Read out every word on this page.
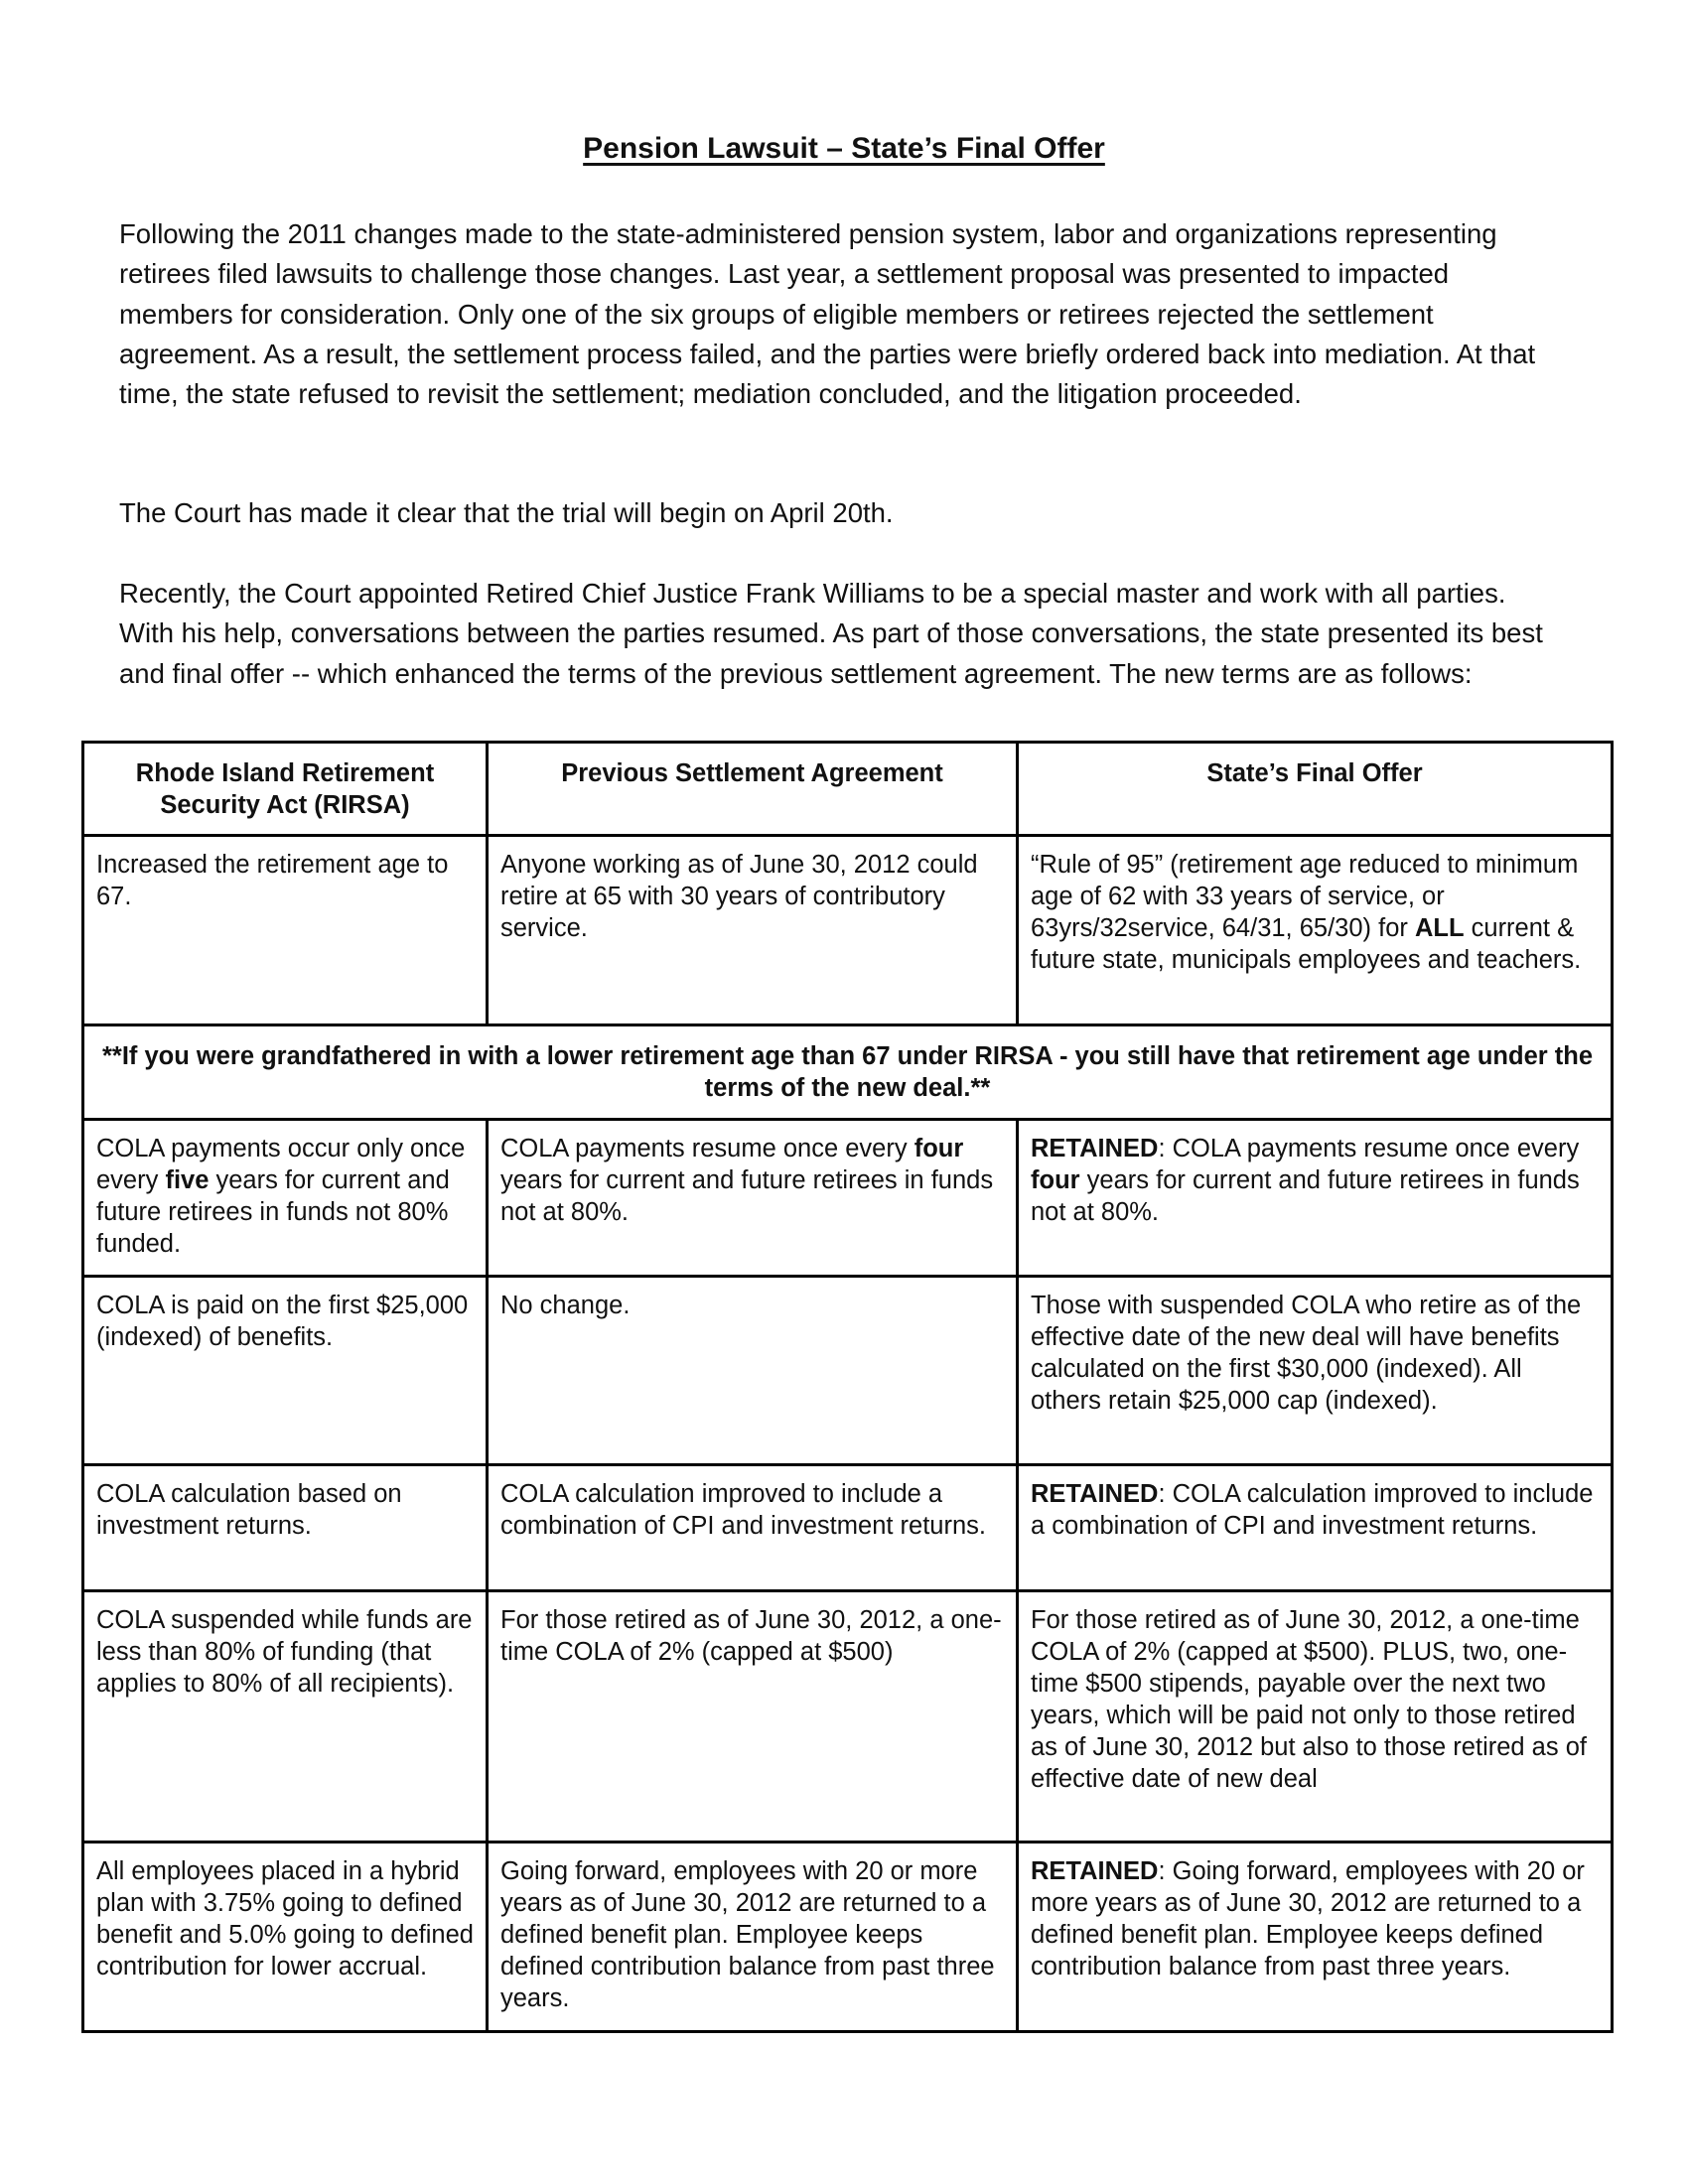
Pension Lawsuit – State’s Final Offer

Following the 2011 changes made to the state-administered pension system, labor and organizations representing retirees filed lawsuits to challenge those changes. Last year, a settlement proposal was presented to impacted members for consideration. Only one of the six groups of eligible members or retirees rejected the settlement agreement. As a result, the settlement process failed, and the parties were briefly ordered back into mediation. At that time, the state refused to revisit the settlement; mediation concluded, and the litigation proceeded.

The Court has made it clear that the trial will begin on April 20th.

Recently, the Court appointed Retired Chief Justice Frank Williams to be a special master and work with all parties. With his help, conversations between the parties resumed. As part of those conversations, the state presented its best and final offer -- which enhanced the terms of the previous settlement agreement. The new terms are as follows:

Rhode Island Retirement Security Act (RIRSA)	Previous Settlement Agreement	State’s Final Offer
Increased the retirement age to 67.	Anyone working as of June 30, 2012 could retire at 65 with 30 years of contributory service.	“Rule of 95” (retirement age reduced to minimum age of 62 with 33 years of service, or 63yrs/32service, 64/31, 65/30) for ALL current & future state, municipals employees and teachers.
**If you were grandfathered in with a lower retirement age than 67 under RIRSA - you still have that retirement age under the terms of the new deal.**		
COLA payments occur only once every five years for current and future retirees in funds not 80% funded.	COLA payments resume once every four years for current and future retirees in funds not at 80%.	RETAINED: COLA payments resume once every four years for current and future retirees in funds not at 80%.
COLA is paid on the first $25,000 (indexed) of benefits.	No change.	Those with suspended COLA who retire as of the effective date of the new deal will have benefits calculated on the first $30,000 (indexed). All others retain $25,000 cap (indexed).
COLA calculation based on investment returns.	COLA calculation improved to include a combination of CPI and investment returns.	RETAINED: COLA calculation improved to include a combination of CPI and investment returns.
COLA suspended while funds are less than 80% of funding (that applies to 80% of all recipients).	For those retired as of June 30, 2012, a one-time COLA of 2% (capped at $500)	For those retired as of June 30, 2012, a one-time COLA of 2% (capped at $500). PLUS, two, one-time $500 stipends, payable over the next two years, which will be paid not only to those retired as of June 30, 2012 but also to those retired as of effective date of new deal
All employees placed in a hybrid plan with 3.75% going to defined benefit and 5.0% going to defined contribution for lower accrual.	Going forward, employees with 20 or more years as of June 30, 2012 are returned to a defined benefit plan. Employee keeps defined contribution balance from past three years.	RETAINED: Going forward, employees with 20 or more years as of June 30, 2012 are returned to a defined benefit plan. Employee keeps defined contribution balance from past three years.
